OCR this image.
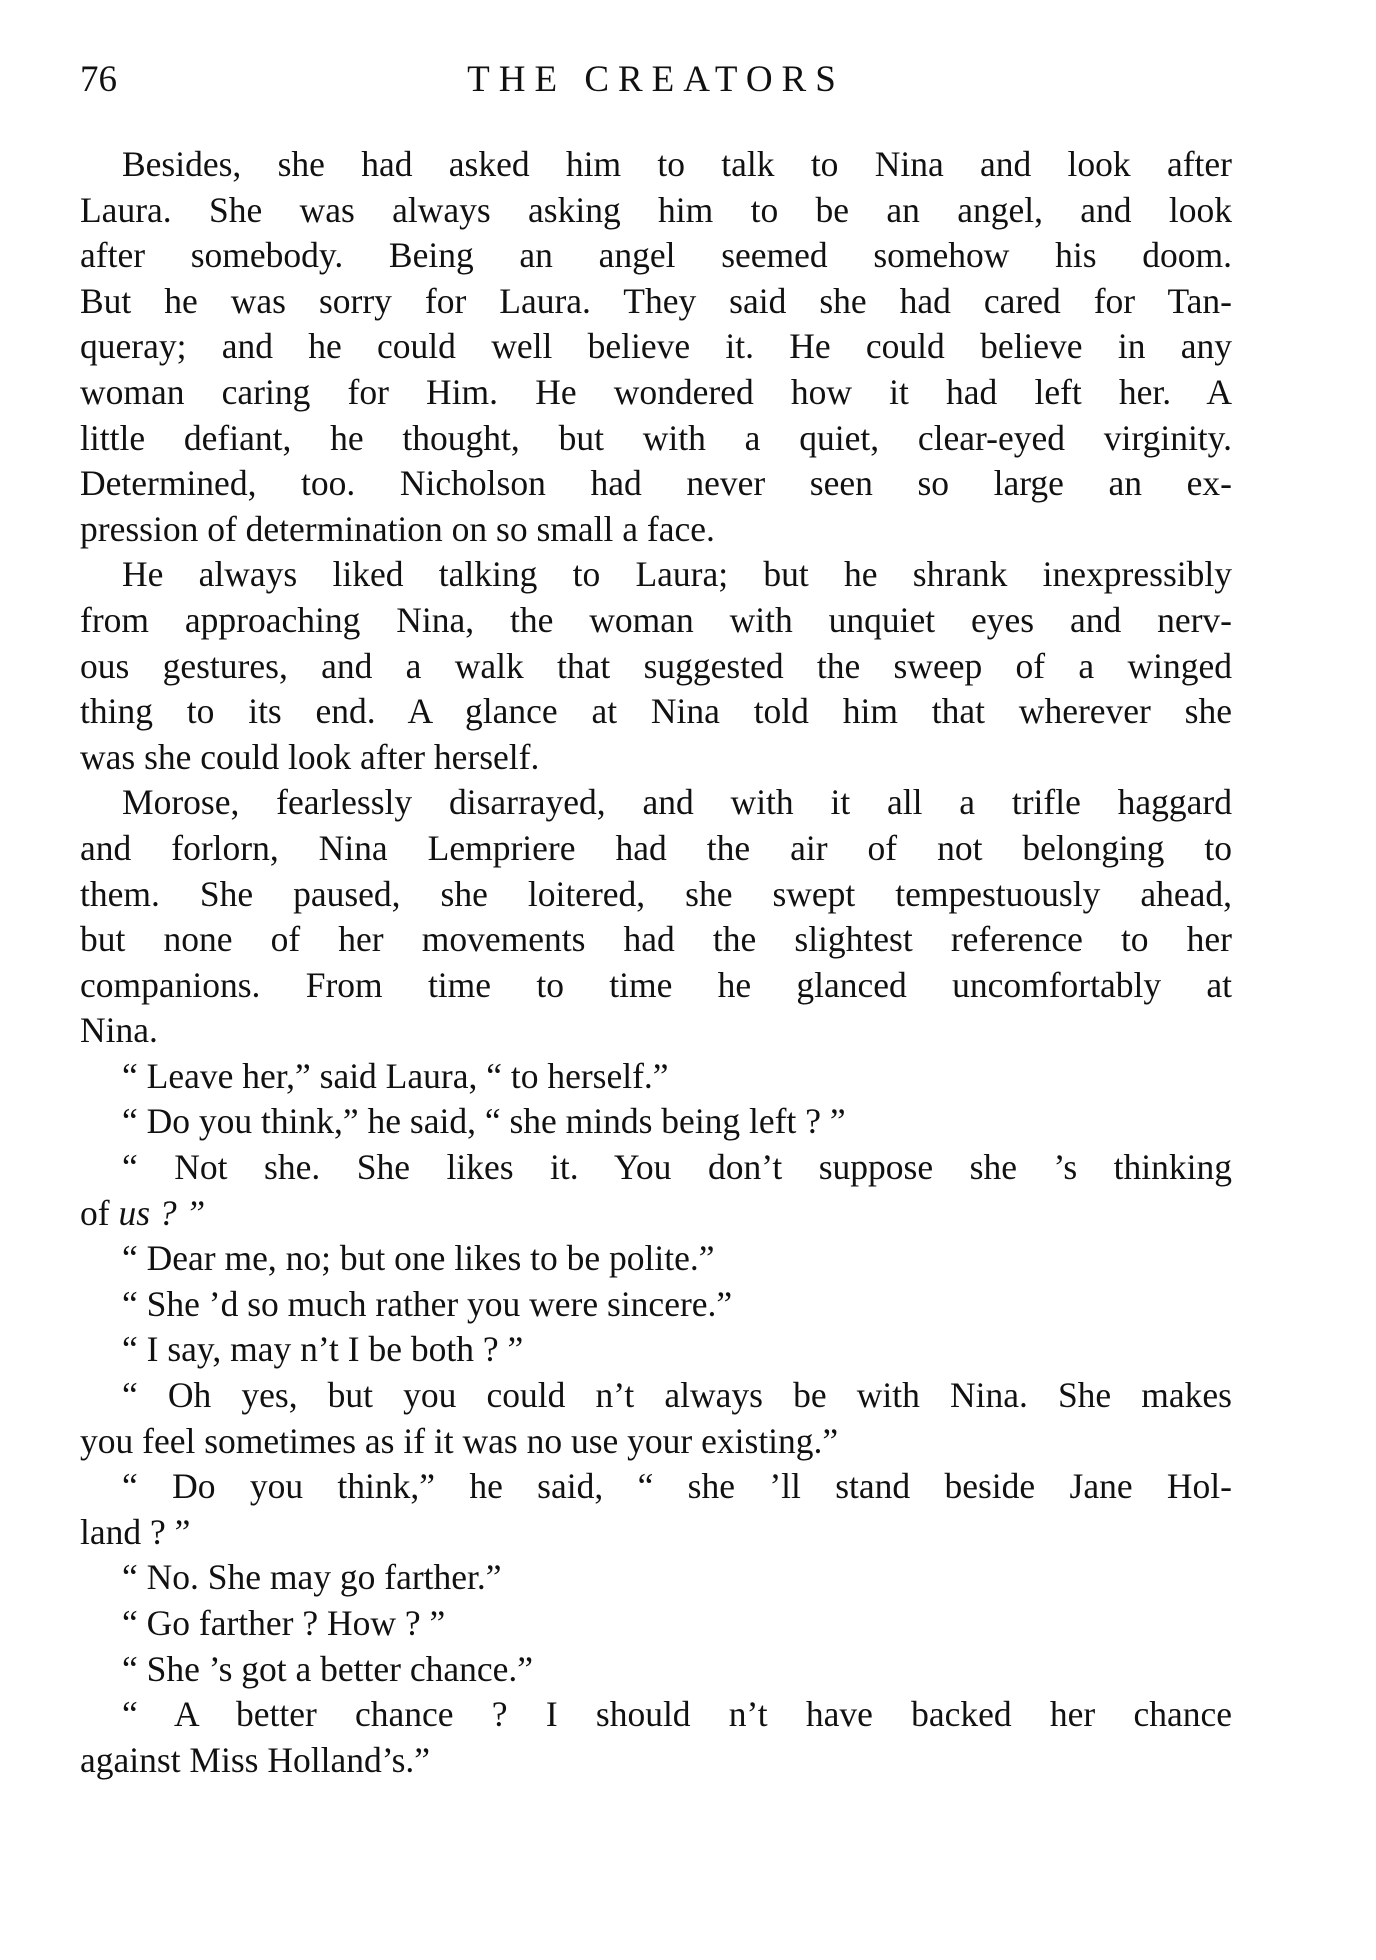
76	THE CREATORS
Besides, she had asked him to talk to Nina and look after
Laura. She was always asking him to be an angel, and look
after somebody. Being an angel seemed somehow his doom.
But he was sorry for Laura. They said she had cared for Tan-
queray; and he could well believe it. He could believe in any
woman caring for Him. He wondered how it had left her. A
little defiant, he thought, but with a quiet, clear-eyed virginity.
Determined, too. Nicholson had never seen so large an ex-
pression of determination on so small a face.
He always liked talking to Laura; but he shrank inexpressibly
from approaching Nina, the woman with unquiet eyes and nerv-
ous gestures, and a walk that suggested the sweep of a winged
thing to its end. A glance at Nina told him that wherever she
was she could look after herself.
Morose, fearlessly disarrayed, and with it all a trifle haggard
and forlorn, Nina Lempriere had the air of not belonging to
them. She paused, she loitered, she swept tempestuously ahead,
but none of her movements had the slightest reference to her
companions. From time to time he glanced uncomfortably at
Nina.
“ Leave her,” said Laura, “ to herself.”
“ Do you think,” he said, “ she minds being left ? ”
“ Not she. She likes it. You don’t suppose she ’s thinking
of us ? ”
“ Dear me, no; but one likes to be polite.”
“ She ’d so much rather you were sincere.”
“ I say, may n’t I be both ? ”
“ Oh yes, but you could n’t always be with Nina. She makes
you feel sometimes as if it was no use your existing.”
“ Do you think,” he said, “ she ’ll stand beside Jane Hol-
land ? ”
“ No. She may go farther.”
“ Go farther ? How ? ”
“ She ’s got a better chance.”
“ A better chance ? I should n’t have backed her chance
against Miss Holland’s.”
